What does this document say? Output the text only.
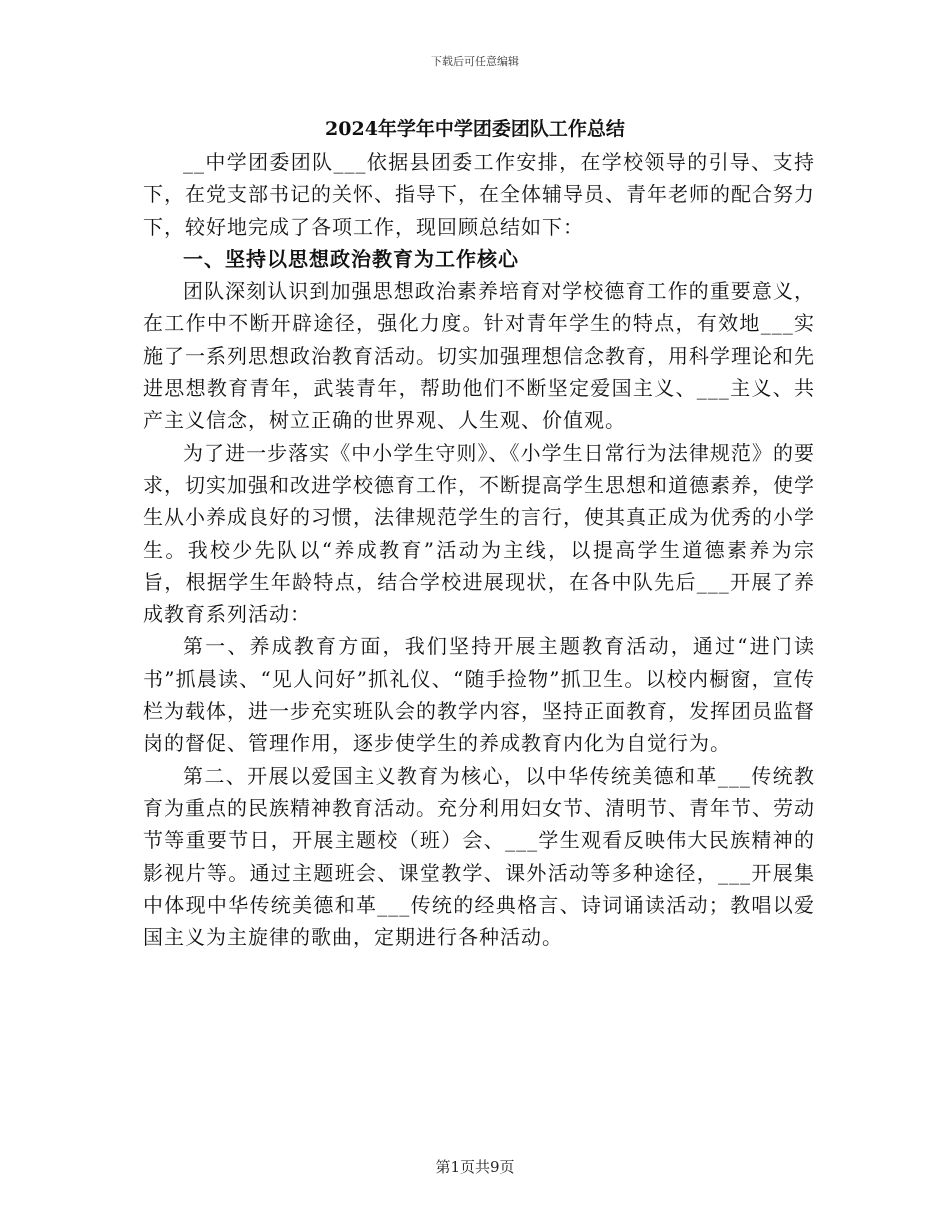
下载后可任意编辑
2024年学年中学团委团队工作总结

__中学团委团队___依据县团委工作安排，在学校领导的引导、支持下，在党支部书记的关怀、指导下，在全体辅导员、青年老师的配合努力下，较好地完成了各项工作，现回顾总结如下：

一、坚持以思想政治教育为工作核心

团队深刻认识到加强思想政治素养培育对学校德育工作的重要意义，在工作中不断开辟途径，强化力度。针对青年学生的特点，有效地___实施了一系列思想政治教育活动。切实加强理想信念教育，用科学理论和先进思想教育青年，武装青年，帮助他们不断坚定爱国主义、___主义、共产主义信念，树立正确的世界观、人生观、价值观。

为了进一步落实《中小学生守则》、《小学生日常行为法律规范》的要求，切实加强和改进学校德育工作，不断提高学生思想和道德素养，使学生从小养成良好的习惯，法律规范学生的言行，使其真正成为优秀的小学生。我校少先队以“养成教育”活动为主线，以提高学生道德素养为宗旨，根据学生年龄特点，结合学校进展现状，在各中队先后___开展了养成教育系列活动：

第一、养成教育方面，我们坚持开展主题教育活动，通过“进门读书”抓晨读、“见人问好”抓礼仪、“随手捡物”抓卫生。以校内橱窗，宣传栏为载体，进一步充实班队会的教学内容，坚持正面教育，发挥团员监督岗的督促、管理作用，逐步使学生的养成教育内化为自觉行为。

第二、开展以爱国主义教育为核心，以中华传统美德和革___传统教育为重点的民族精神教育活动。充分利用妇女节、清明节、青年节、劳动节等重要节日，开展主题校（班）会、___学生观看反映伟大民族精神的影视片等。通过主题班会、课堂教学、课外活动等多种途径，___开展集中体现中华传统美德和革___传统的经典格言、诗词诵读活动；教唱以爱国主义为主旋律的歌曲，定期进行各种活动。

第1页共9页
